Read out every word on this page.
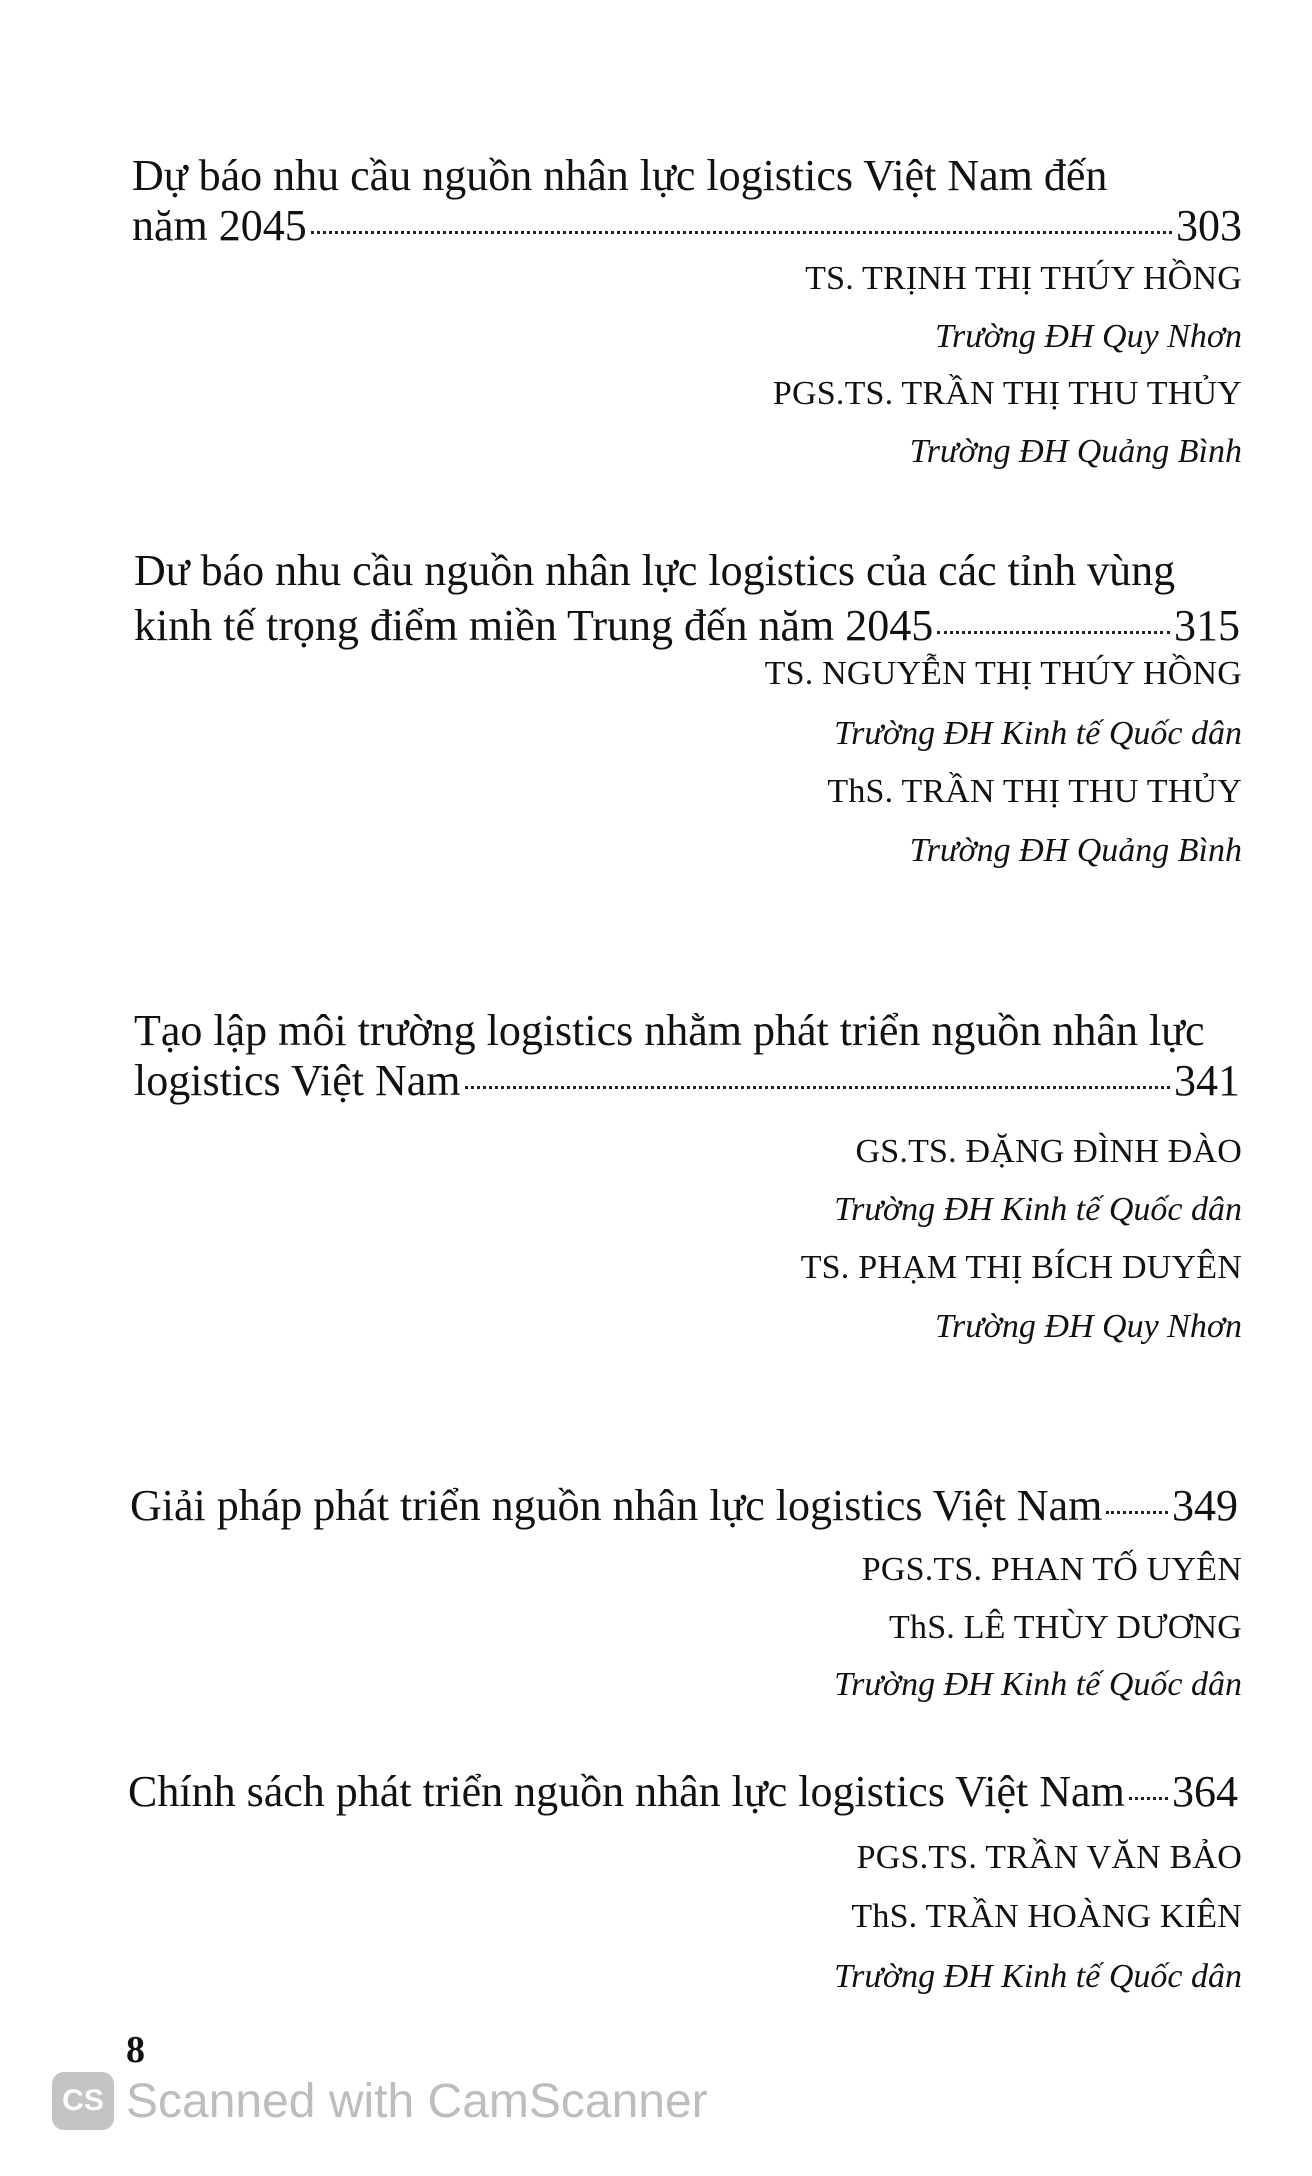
Dự báo nhu cầu nguồn nhân lực logistics Việt Nam đến
năm 2045	303
TS. TRỊNH THỊ THÚY HỒNG
Trường ĐH Quy Nhơn
PGS.TS. TRẦN THỊ THU THỦY
Trường ĐH Quảng Bình
Dư báo nhu cầu nguồn nhân lực logistics của các tỉnh vùng
kinh tế trọng điểm miền Trung đến năm 2045	315
TS. NGUYỄN THỊ THÚY HỒNG
Trường ĐH Kinh tế Quốc dân
ThS. TRẦN THỊ THU THỦY
Trường ĐH Quảng Bình
Tạo lập môi trường logistics nhằm phát triển nguồn nhân lực
logistics Việt Nam	341
GS.TS. ĐẶNG ĐÌNH ĐÀO
Trường ĐH Kinh tế Quốc dân
TS. PHẠM THỊ BÍCH DUYÊN
Trường ĐH Quy Nhơn
Giải pháp phát triển nguồn nhân lực logistics Việt Nam 349
PGS.TS. PHAN TỐ UYÊN
ThS. LÊ THÙY DƯƠNG
Trường ĐH Kinh tế Quốc dân
Chính sách phát triển nguồn nhân lực logistics Việt Nam 364
PGS.TS. TRẦN VĂN BẢO
ThS. TRẦN HOÀNG KIÊN
Trường ĐH Kinh tế Quốc dân
8
CS Scanned with CamScanner
